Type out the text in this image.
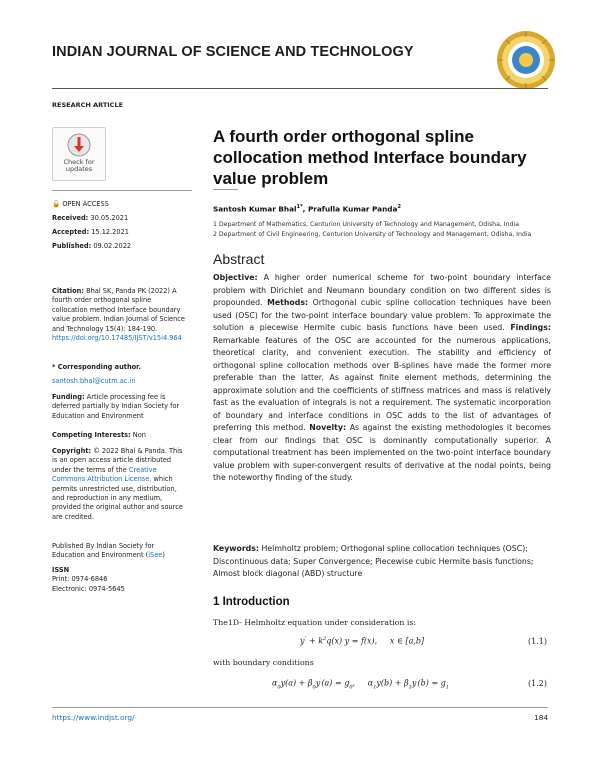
INDIAN JOURNAL OF SCIENCE AND TECHNOLOGY
RESEARCH ARTICLE
Check for
updates
A fourth order orthogonal spline collocation method Interface boundary value problem
🔓 OPEN ACCESS
Received: 30.05.2021
Accepted: 15.12.2021
Published: 09.02.2022
Citation: Bhal SK, Panda PK (2022) A fourth order orthogonal spline collocation method Interface boundary value problem. Indian Journal of Science and Technology 15(4): 184-190. https://doi.org/10.17485/IJST/v15i4.964
* Corresponding author.
santosh.bhal@cutm.ac.in
Funding: Article processing fee is deferred partially by Indian Society for Education and Environment
Competing Interests: Non
Copyright: © 2022 Bhal & Panda. This is an open access article distributed under the terms of the Creative Commons Attribution License, which permits unrestricted use, distribution, and reproduction in any medium, provided the original author and source are credited.
Published By Indian Society for Education and Environment (iSee)
ISSN
Print: 0974-6846
Electronic: 0974-5645
Santosh Kumar Bhal$^{1*}$, Prafulla Kumar Panda$^2$
1 Department of Mathematics, Centurion University of Technology and Management, Odisha, India
2 Department of Civil Engineering, Centurion University of Technology and Management, Odisha, India
Abstract
Objective: A higher order numerical scheme for two-point boundary interface problem with Dirichlet and Neumann boundary condition on two different sides is propounded. Methods: Orthogonal cubic spline collocation techniques have been used (OSC) for the two-point interface boundary value problem. To approximate the solution a piecewise Hermite cubic basis functions have been used. Findings: Remarkable features of the OSC are accounted for the numerous applications, theoretical clarity, and convenient execution. The stability and efficiency of orthogonal spline collocation methods over B-splines have made the former more preferable than the latter. As against finite element methods, determining the approximate solution and the coefficients of stiffness matrices and mass is relatively fast as the evaluation of integrals is not a requirement. The systematic incorporation of boundary and interface conditions in OSC adds to the list of advantages of preferring this method. Novelty: As against the existing methodologies it becomes clear from our findings that OSC is dominantly computationally superior. A computational treatment has been implemented on the two-point interface boundary value problem with super-convergent results of derivative at the nodal points, being the noteworthy finding of the study.
Keywords: Helmholtz problem; Orthogonal spline collocation techniques (OSC); Discontinuous data; Super Convergence; Piecewise cubic Hermite basis functions; Almost block diagonal (ABD) structure
1 Introduction
The1D- Helmholtz equation under consideration is:
$y'' + k^2q(x) y = f(x)$,     x ∈ [a,b]	(1.1)
with boundary conditions
$\alpha_0y(a) + \beta_0y'(a) = g_0$,     $\alpha_1y(b) + \beta_1y'(b) = g_1$	(1.2)
https://www.indjst.org/	184
